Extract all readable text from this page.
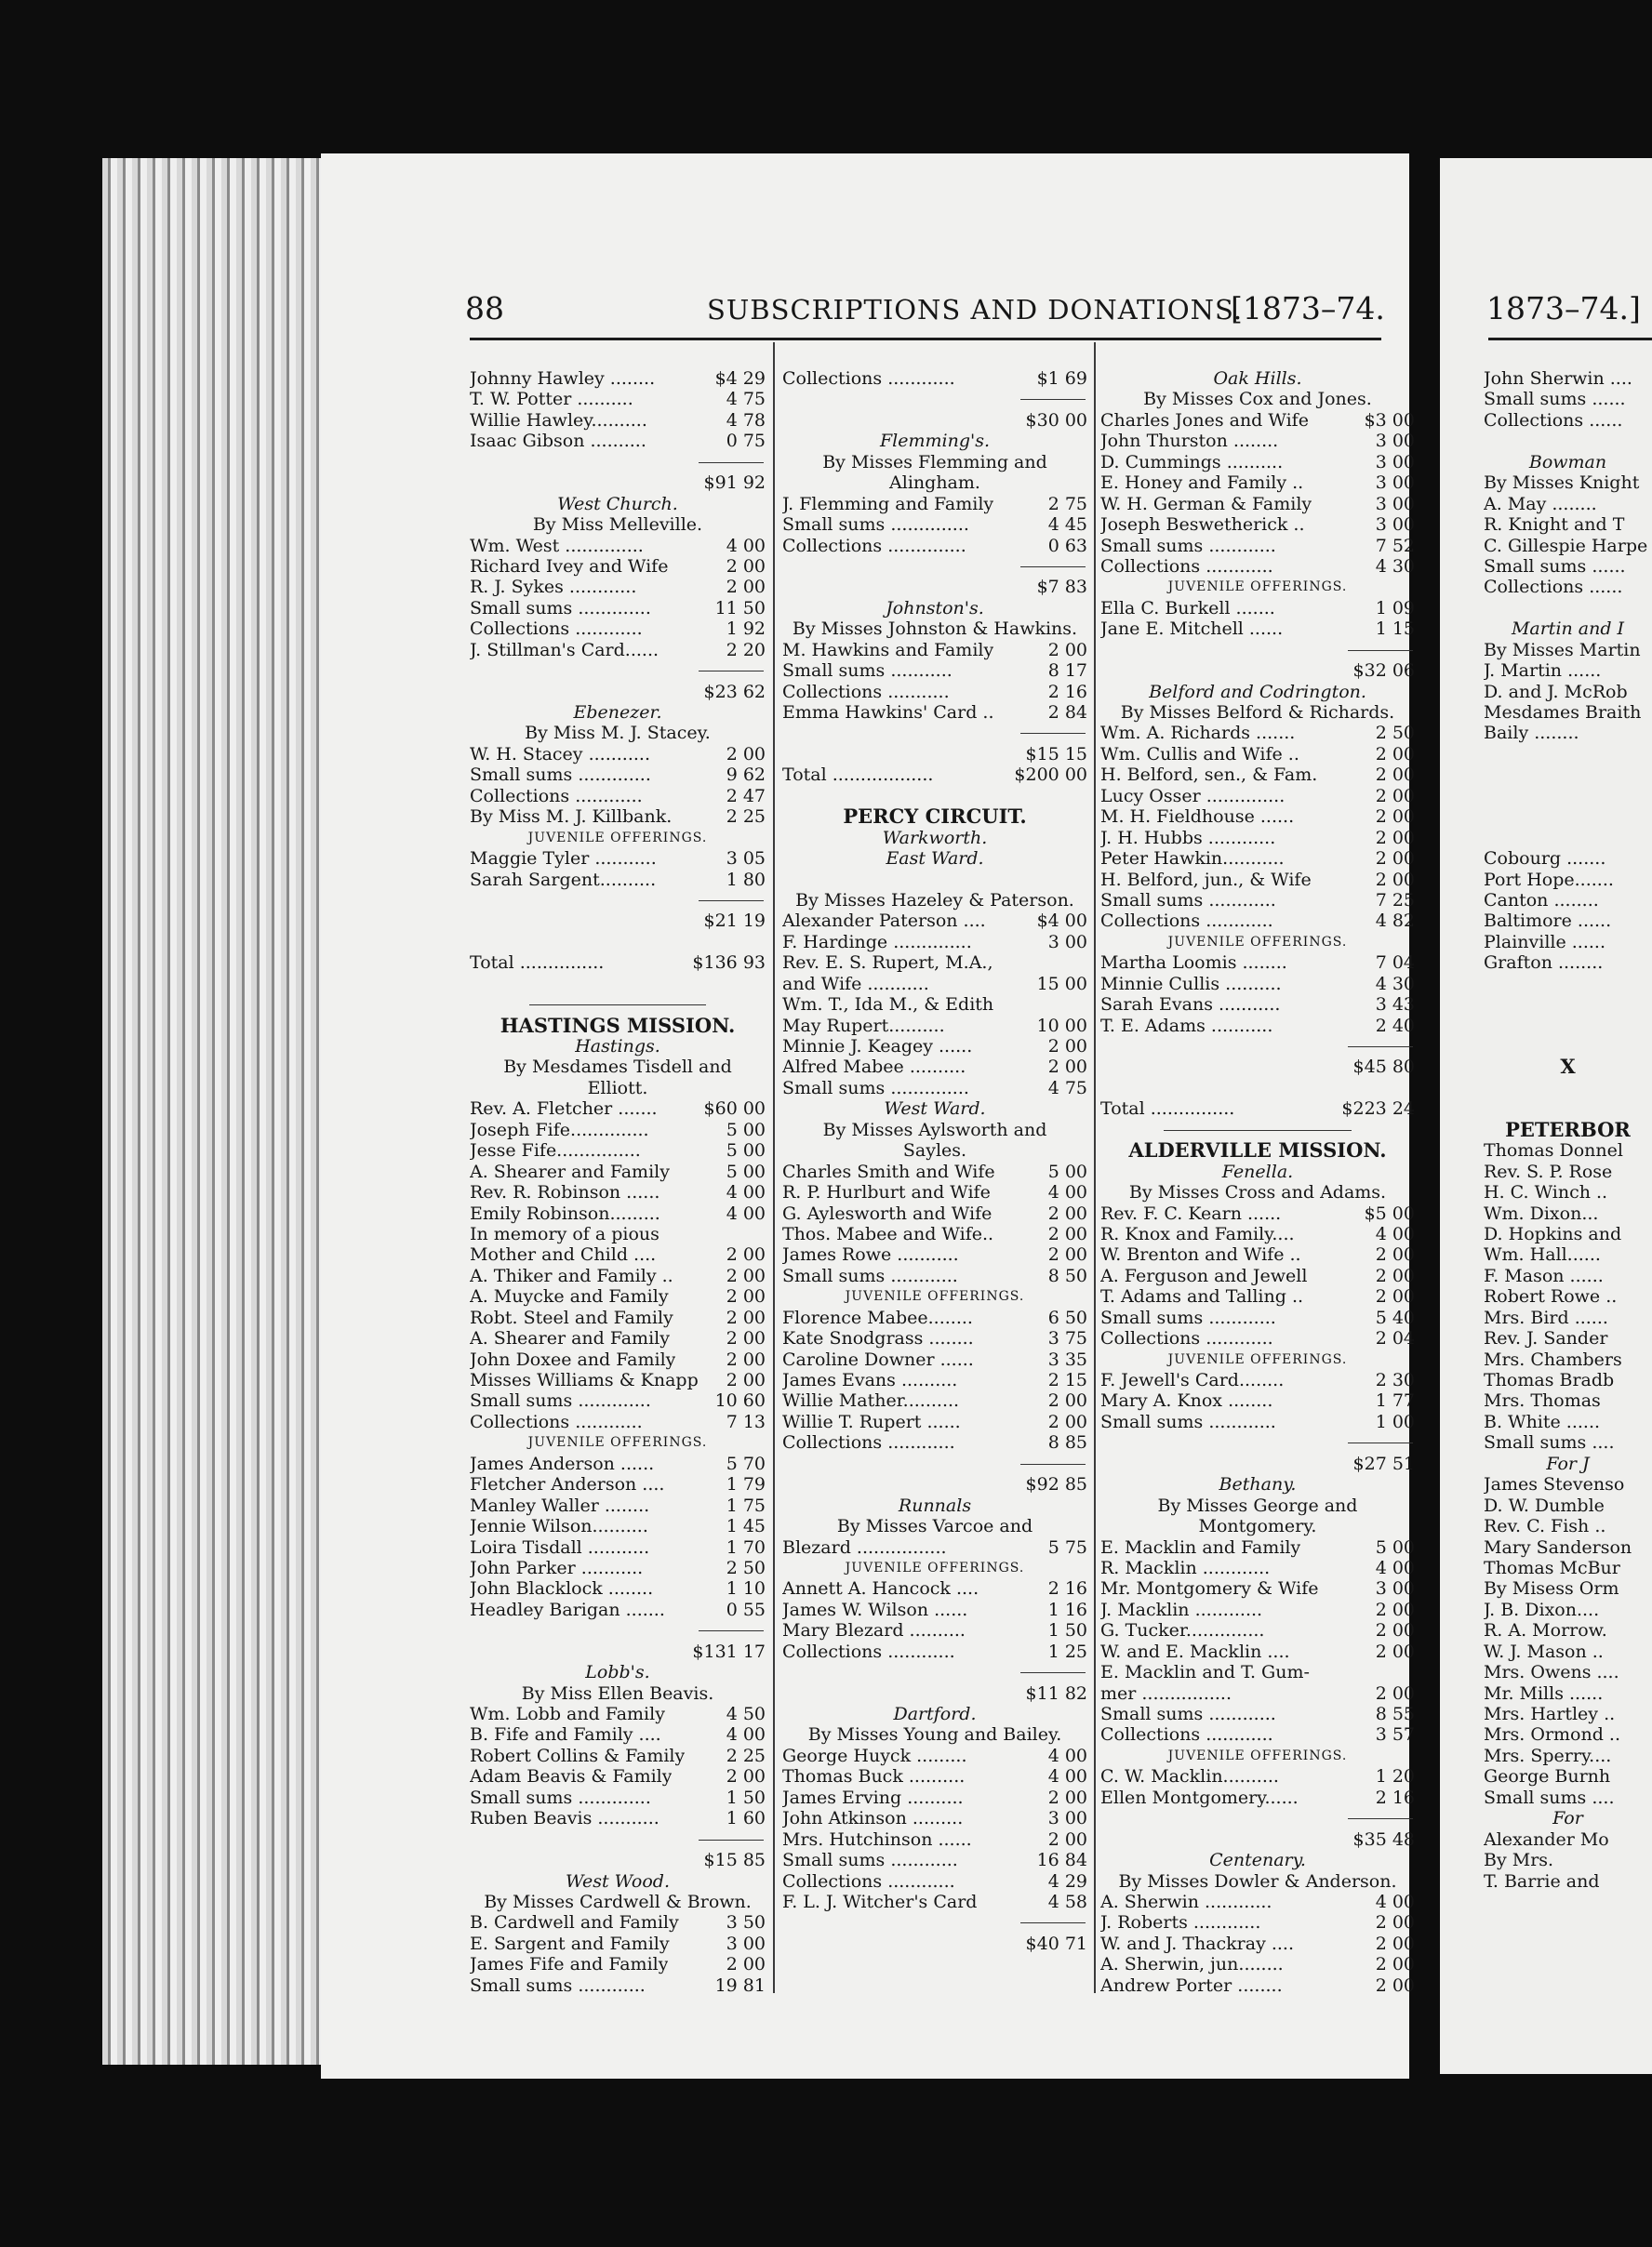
88	SUBSCRIPTIONS AND DONATIONS.
[1873–74.	1873–74.]
Johnny Hawley ........	$4 29
T. W. Potter ..........	4 75
Willie Hawley..........	4 78
Isaac Gibson ..........	0 75
$91 92
West Church.
By Miss Melleville.
Wm. West ..............	4 00
Richard Ivey and Wife	2 00
R. J. Sykes ............	2 00
Small sums .............	11 50
Collections ............	1 92
J. Stillman's Card......	2 20
$23 62
Ebenezer.
By Miss M. J. Stacey.
W. H. Stacey ...........	2 00
Small sums .............	9 62
Collections ............	2 47
By Miss M. J. Killbank.	2 25
JUVENILE OFFERINGS.
Maggie Tyler ...........	3 05
Sarah Sargent..........	1 80
$21 19
Total ...............	$136 93
HASTINGS MISSION.
Hastings.
By Mesdames Tisdell and
Elliott.
Rev. A. Fletcher .......	$60 00
Joseph Fife..............	5 00
Jesse Fife...............	5 00
A. Shearer and Family	5 00
Rev. R. Robinson ......	4 00
Emily Robinson.........	4 00
In memory of a pious
Mother and Child ....	2 00
A. Thiker and Family ..	2 00
A. Muycke and Family	2 00
Robt. Steel and Family	2 00
A. Shearer and Family	2 00
John Doxee and Family	2 00
Misses Williams & Knapp	2 00
Small sums .............	10 60
Collections ............	7 13
JUVENILE OFFERINGS.
James Anderson ......	5 70
Fletcher Anderson ....	1 79
Manley Waller ........	1 75
Jennie Wilson..........	1 45
Loira Tisdall ...........	1 70
John Parker ...........	2 50
John Blacklock ........	1 10
Headley Barigan .......	0 55
$131 17
Lobb's.
By Miss Ellen Beavis.
Wm. Lobb and Family	4 50
B. Fife and Family ....	4 00
Robert Collins & Family	2 25
Adam Beavis & Family	2 00
Small sums .............	1 50
Ruben Beavis ...........	1 60
$15 85
West Wood.
By Misses Cardwell & Brown.
B. Cardwell and Family	3 50
E. Sargent and Family	3 00
James Fife and Family	2 00
Small sums ............	19 81
Collections ............	$1 69
$30 00
Flemming's.
By Misses Flemming and
Alingham.
J. Flemming and Family	2 75
Small sums ..............	4 45
Collections ..............	0 63
$7 83
Johnston's.
By Misses Johnston & Hawkins.
M. Hawkins and Family	2 00
Small sums ...........	8 17
Collections ...........	2 16
Emma Hawkins' Card ..	2 84
$15 15
Total ..................	$200 00
PERCY CIRCUIT.
Warkworth.
East Ward.
By Misses Hazeley & Paterson.
Alexander Paterson ....	$4 00
F. Hardinge ..............	3 00
Rev. E. S. Rupert, M.A.,
and Wife ...........	15 00
Wm. T., Ida M., & Edith
May Rupert..........	10 00
Minnie J. Keagey ......	2 00
Alfred Mabee ..........	2 00
Small sums ..............	4 75
West Ward.
By Misses Aylsworth and
Sayles.
Charles Smith and Wife	5 00
R. P. Hurlburt and Wife	4 00
G. Aylesworth and Wife	2 00
Thos. Mabee and Wife..	2 00
James Rowe ...........	2 00
Small sums ............	8 50
JUVENILE OFFERINGS.
Florence Mabee........	6 50
Kate Snodgrass ........	3 75
Caroline Downer ......	3 35
James Evans ..........	2 15
Willie Mather..........	2 00
Willie T. Rupert ......	2 00
Collections ............	8 85
$92 85
Runnals
By Misses Varcoe and
Blezard ................	5 75
JUVENILE OFFERINGS.
Annett A. Hancock ....	2 16
James W. Wilson ......	1 16
Mary Blezard ..........	1 50
Collections ............	1 25
$11 82
Dartford.
By Misses Young and Bailey.
George Huyck .........	4 00
Thomas Buck ..........	4 00
James Erving ..........	2 00
John Atkinson .........	3 00
Mrs. Hutchinson ......	2 00
Small sums ............	16 84
Collections ............	4 29
F. L. J. Witcher's Card	4 58
$40 71
Oak Hills.
By Misses Cox and Jones.
Charles Jones and Wife	$3 00
John Thurston ........	3 00
D. Cummings ..........	3 00
E. Honey and Family ..	3 00
W. H. German & Family	3 00
Joseph Beswetherick ..	3 00
Small sums ............	7 52
Collections ............	4 30
JUVENILE OFFERINGS.
Ella C. Burkell .......	1 09
Jane E. Mitchell ......	1 15
$32 06
Belford and Codrington.
By Misses Belford & Richards.
Wm. A. Richards .......	2 50
Wm. Cullis and Wife ..	2 00
H. Belford, sen., & Fam.	2 00
Lucy Osser ..............	2 00
M. H. Fieldhouse ......	2 00
J. H. Hubbs ............	2 00
Peter Hawkin...........	2 00
H. Belford, jun., & Wife	2 00
Small sums ............	7 25
Collections ............	4 82
JUVENILE OFFERINGS.
Martha Loomis ........	7 04
Minnie Cullis ..........	4 30
Sarah Evans ...........	3 43
T. E. Adams ...........	2 40
$45 80
Total ...............	$223 24
ALDERVILLE MISSION.
Fenella.
By Misses Cross and Adams.
Rev. F. C. Kearn ......	$5 00
R. Knox and Family....	4 00
W. Brenton and Wife ..	2 00
A. Ferguson and Jewell	2 00
T. Adams and Talling ..	2 00
Small sums ............	5 40
Collections ............	2 04
JUVENILE OFFERINGS.
F. Jewell's Card........	2 30
Mary A. Knox ........	1 77
Small sums ............	1 00
$27 51
Bethany.
By Misses George and
Montgomery.
E. Macklin and Family	5 00
R. Macklin ............	4 00
Mr. Montgomery & Wife	3 00
J. Macklin ............	2 00
G. Tucker..............	2 00
W. and E. Macklin ....	2 00
E. Macklin and T. Gum-
mer ................	2 00
Small sums ............	8 55
Collections ............	3 57
JUVENILE OFFERINGS.
C. W. Macklin..........	1 20
Ellen Montgomery......	2 16
$35 48
Centenary.
By Misses Dowler & Anderson.
A. Sherwin ............	4 00
J. Roberts ............	2 00
W. and J. Thackray ....	2 00
A. Sherwin, jun........	2 00
Andrew Porter ........	2 00
John Sherwin ....
Small sums ......
Collections ......
Bowman
By Misses Knight
A. May ........
R. Knight and T
C. Gillespie Harpe
Small sums ......
Collections ......
Martin and I
By Misses Martin
J. Martin ......
D. and J. McRob
Mesdames Braith
Baily ........
Cobourg .......
Port Hope.......
Canton ........
Baltimore ......
Plainville ......
Grafton ........
X
PETERBOR
Thomas Donnel
Rev. S. P. Rose
H. C. Winch ..
Wm. Dixon...
D. Hopkins and
Wm. Hall......
F. Mason ......
Robert Rowe ..
Mrs. Bird ......
Rev. J. Sander
Mrs. Chambers
Thomas Bradb
Mrs. Thomas
B. White ......
Small sums ....
For J
James Stevenso
D. W. Dumble
Rev. C. Fish ..
Mary Sanderson
Thomas McBur
By Misess Orm
J. B. Dixon....
R. A. Morrow.
W. J. Mason ..
Mrs. Owens ....
Mr. Mills ......
Mrs. Hartley ..
Mrs. Ormond ..
Mrs. Sperry....
George Burnh
Small sums ....
For
Alexander Mo
By Mrs.
T. Barrie and
